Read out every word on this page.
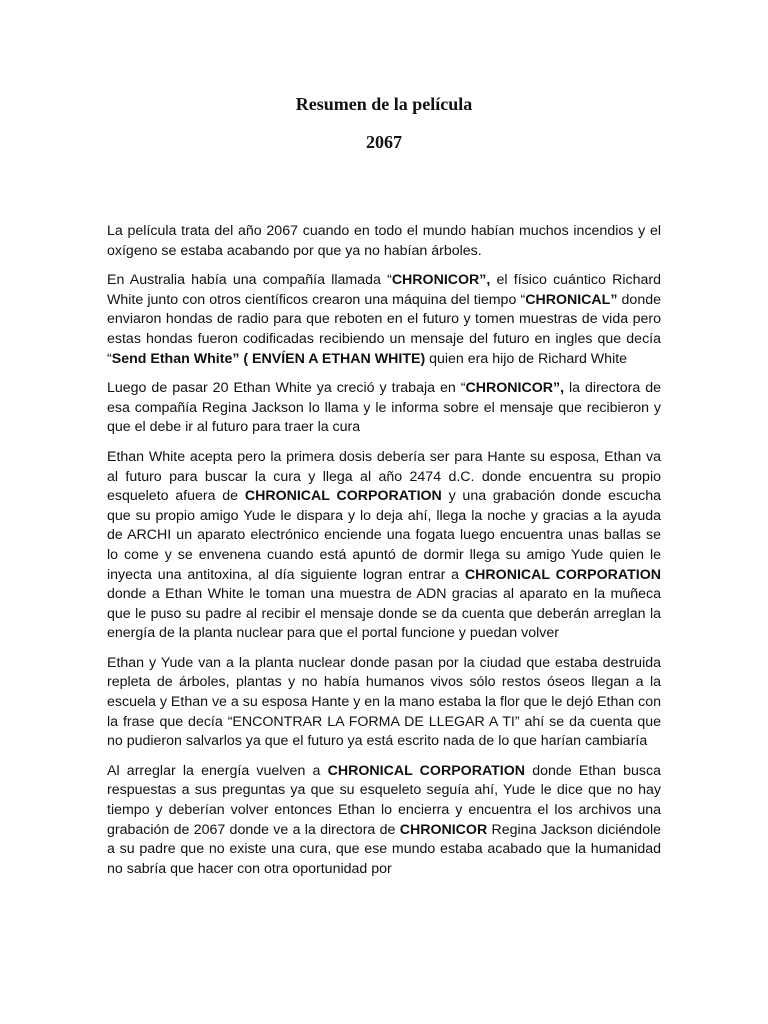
Resumen de la película
2067

La película trata del año 2067 cuando en todo el mundo habían muchos incendios y el oxígeno se estaba acabando por que ya no habían árboles.

En Australia había una compañía llamada “CHRONICOR”, el físico cuántico Richard White junto con otros científicos crearon una máquina del tiempo “CHRONICAL” donde enviaron hondas de radio para que reboten en el futuro y tomen muestras de vida pero estas hondas fueron codificadas recibiendo un mensaje del futuro en ingles que decía “Send Ethan White” ( ENVÍEN A ETHAN WHITE) quien era hijo de Richard White

Luego de pasar 20 Ethan White ya creció y trabaja en “CHRONICOR”, la directora de esa compañía Regina Jackson lo llama y le informa sobre el mensaje que recibieron y que el debe ir al futuro para traer la cura

Ethan White acepta pero la primera dosis debería ser para Hante su esposa, Ethan va al futuro para buscar la cura y llega al año 2474 d.C. donde encuentra su propio esqueleto afuera de CHRONICAL CORPORATION y una grabación donde escucha que su propio amigo Yude le dispara y lo deja ahí, llega la noche y gracias a la ayuda de ARCHI un aparato electrónico enciende una fogata luego encuentra unas ballas se lo come y se envenena cuando está apuntó de dormir llega su amigo Yude quien le inyecta una antitoxina, al día siguiente logran entrar a CHRONICAL CORPORATION donde a Ethan White le toman una muestra de ADN gracias al aparato en la muñeca que le puso su padre al recibir el mensaje donde se da cuenta que deberán arreglan la energía de la planta nuclear para que el portal funcione y puedan volver

Ethan y Yude van a la planta nuclear donde pasan por la ciudad que estaba destruida repleta de árboles, plantas y no había humanos vivos sólo restos óseos llegan a la escuela y Ethan ve a su esposa Hante y en la mano estaba la flor que le dejó Ethan con la frase que decía “ENCONTRAR LA FORMA DE LLEGAR A TI” ahí se da cuenta que no pudieron salvarlos ya que el futuro ya está escrito nada de lo que harían cambiaría

Al arreglar la energía vuelven a CHRONICAL CORPORATION donde Ethan busca respuestas a sus preguntas ya que su esqueleto seguía ahí, Yude le dice que no hay tiempo y deberían volver entonces Ethan lo encierra y encuentra el los archivos una grabación de 2067 donde ve a la directora de CHRONICOR Regina Jackson diciéndole a su padre que no existe una cura, que ese mundo estaba acabado que la humanidad no sabría que hacer con otra oportunidad por
